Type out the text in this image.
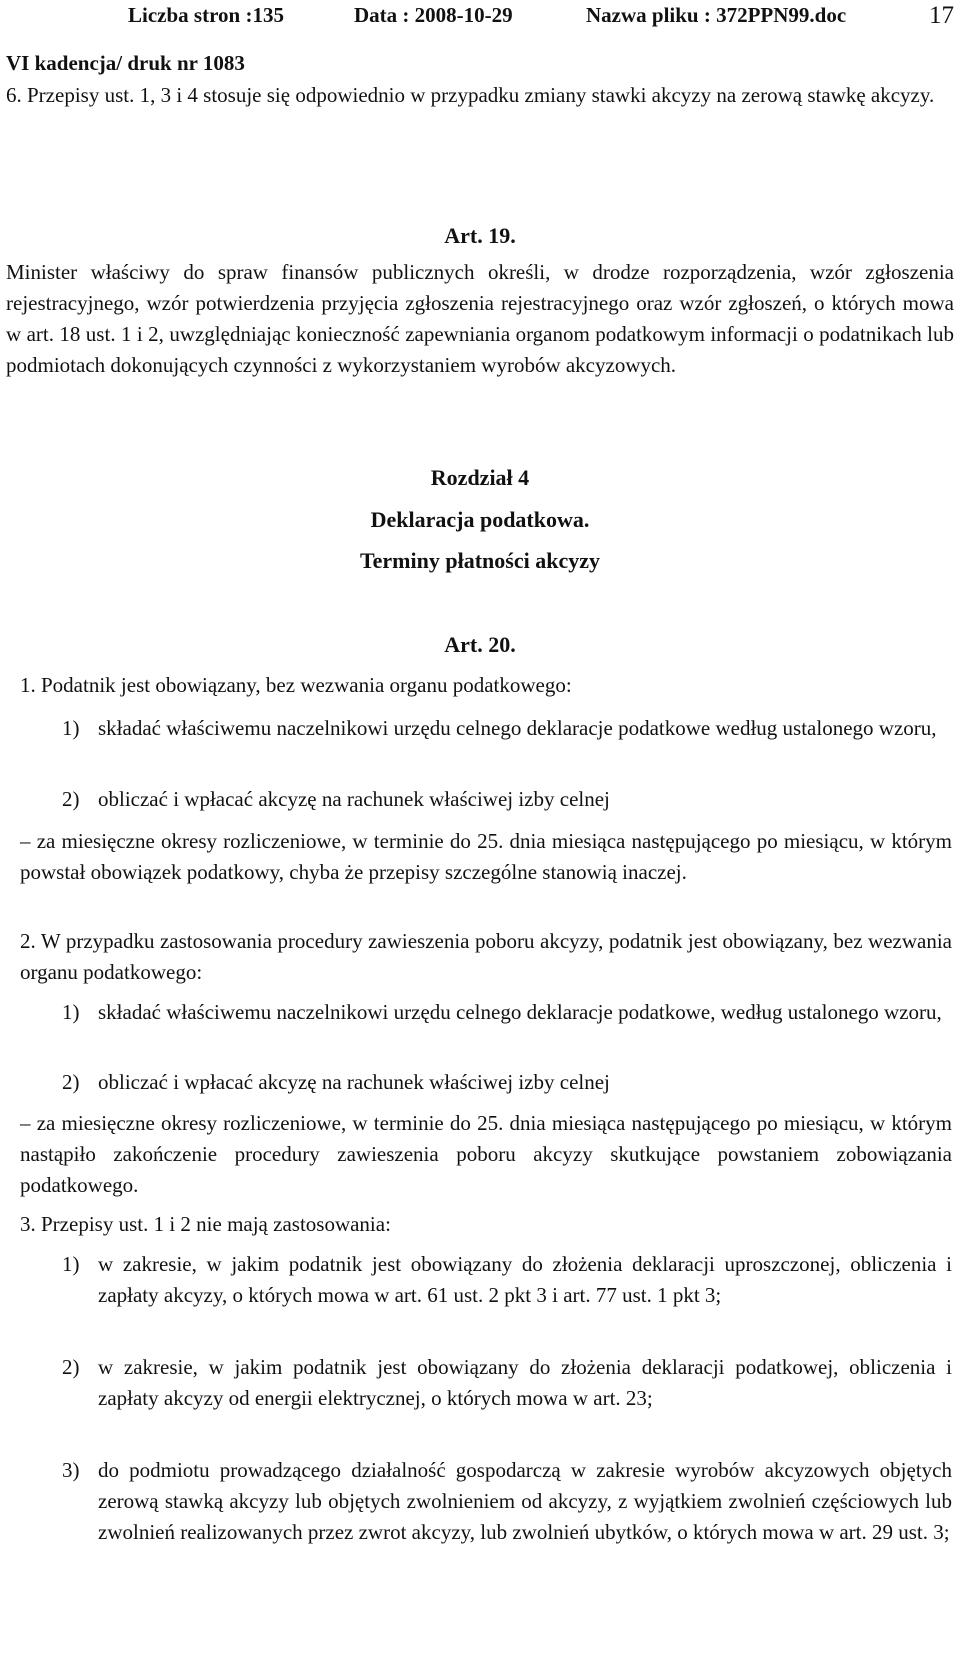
Liczba stron :135	Data : 2008-10-29	Nazwa pliku : 372PPN99.doc	17
VI kadencja/ druk nr 1083

6. Przepisy ust. 1, 3 i 4 stosuje się odpowiednio w przypadku zmiany stawki akcyzy na zerową stawkę akcyzy.

Art. 19.

Minister właściwy do spraw finansów publicznych określi, w drodze rozporządzenia, wzór zgłoszenia rejestracyjnego, wzór potwierdzenia przyjęcia zgłoszenia rejestracyjnego oraz wzór zgłoszeń, o których mowa w art. 18 ust. 1 i 2, uwzględniając konieczność zapewniania organom podatkowym informacji o podatnikach lub podmiotach dokonujących czynności z wykorzystaniem wyrobów akcyzowych.

Rozdział 4
Deklaracja podatkowa.
Terminy płatności akcyzy
Art. 20.

1. Podatnik jest obowiązany, bez wezwania organu podatkowego:

1) składać właściwemu naczelnikowi urzędu celnego deklaracje podatkowe według ustalonego wzoru,
2) obliczać i wpłacać akcyzę na rachunek właściwej izby celnej

– za miesięczne okresy rozliczeniowe, w terminie do 25. dnia miesiąca następującego po miesiącu, w którym powstał obowiązek podatkowy, chyba że przepisy szczególne stanowią inaczej.

2. W przypadku zastosowania procedury zawieszenia poboru akcyzy, podatnik jest obowiązany, bez wezwania organu podatkowego:

1) składać właściwemu naczelnikowi urzędu celnego deklaracje podatkowe, według ustalonego wzoru,
2) obliczać i wpłacać akcyzę na rachunek właściwej izby celnej

– za miesięczne okresy rozliczeniowe, w terminie do 25. dnia miesiąca następującego po miesiącu, w którym nastąpiło zakończenie procedury zawieszenia poboru akcyzy skutkujące powstaniem zobowiązania podatkowego.

3. Przepisy ust. 1 i 2 nie mają zastosowania:

1) w zakresie, w jakim podatnik jest obowiązany do złożenia deklaracji uproszczonej, obliczenia i zapłaty akcyzy, o których mowa w art. 61 ust. 2 pkt 3 i art. 77 ust. 1 pkt 3;
2) w zakresie, w jakim podatnik jest obowiązany do złożenia deklaracji podatkowej, obliczenia i zapłaty akcyzy od energii elektrycznej, o których mowa w art. 23;
3) do podmiotu prowadzącego działalność gospodarczą w zakresie wyrobów akcyzowych objętych zerową stawką akcyzy lub objętych zwolnieniem od akcyzy, z wyjątkiem zwolnień częściowych lub zwolnień realizowanych przez zwrot akcyzy, lub zwolnień ubytków, o których mowa w art. 29 ust. 3;
